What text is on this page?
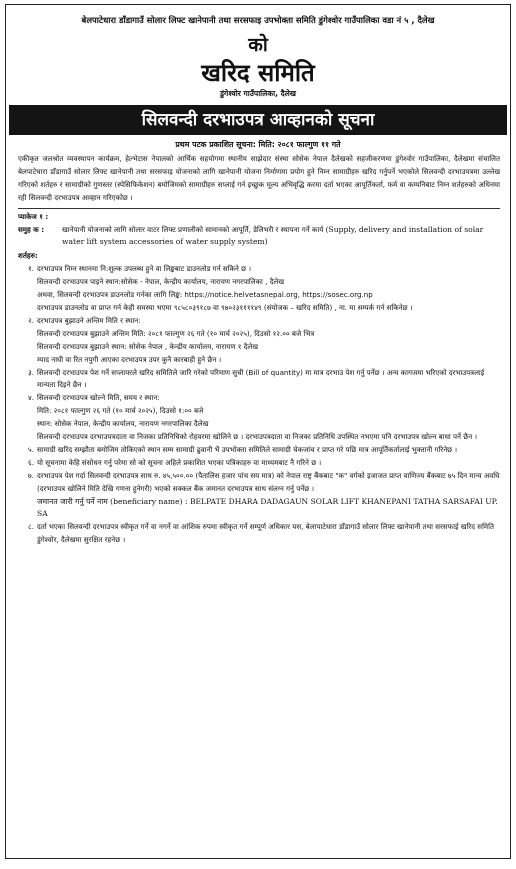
बेलपाटेधारा डाँडागाउँ सोलार लिफ्ट खानेपानी तथा सरसफाइ उपभोक्ता समिति डुंगेश्वोर गाउँपालिका वडा नं ५ , दैलेख
को
खरिद समिति
डुंगेश्वोर गाउँपालिका, दैलेख
सिलवन्दी दरभाउपत्र आव्हानको सूचना
प्रथम पटक प्रकाशित सूचना: मिति: २०८१ फाल्गुण ११ गते
एकीकृत जलश्रोत व्यवस्थापन कार्यक्रम, हेल्भेटास नेपालको आर्थिक सहयोगमा स्थानीय साझेदार संस्था सोसेक नेपाल दैलेखको सहजीकरणमा डुंगेश्वोर गाउँपालिका, दैलेखमा संचालित बेलपाटेधारा डाँडागाउँ सोलार लिफ्ट खानेपानी तथा सरसफाइ योजनाको लागि खानेपानी योजना निर्माणमा प्रयोग हुने निम्न सामाग्रीहरु खरिद गर्नुपर्ने भएकोले सिलवन्दी दरभाउपत्रमा उल्लेख गरिएको शर्तहरु र सामाग्रीको गुणस्तर (स्पेसिफिकेशन) बमोजिमको सामाग्रीहरु सप्लाई गर्न इच्छुक मूल्य अभिवृद्धि करमा दर्ता भएका आपूर्तिकर्ता, फर्म वा कम्पनिबाट निम्न शर्तहरुको अधिनमा रही सिलवन्दी दरभाउपत्र आव्हान गरिएकोछ ।
प्याकेज १ :
समुह क :	खानेपानी योजनाको लागि सोलार वाटर लिफ्ट प्रणालीको सामानको आपूर्ति, डेलिभरी र स्थापना गर्ने कार्य (Supply, delivery and installation of solar water lift system accessories of water supply system)
शर्तहरु:
१. दरभाउपत्र निम्न स्थानमा नि:शुल्क उपलब्ध हुने वा लिङ्कबाट डाउनलोड गर्न सकिने छ ।
सिलवन्दी दरभाउपत्र पाइने स्थान:सोसेक - नेपाल, केन्द्रीय कार्यालय, नारायण नगरपालिका , दैलेख
अथवा, सिलवन्दी दरभाउपत्र डाउनलोड गर्नका लागि लिङ्क: https://notice.helvetasnepal.org, https://sosec.org.np
दरभाउपत्र डाउनलोड वा प्राप्त गर्न केही समस्या भएमा ९८५८०३९१८७ वा ९७०२३११११४९ (संयोजक – खरिद समिति) , ना. मा सम्पर्क गर्न सकिनेछ ।
२. दरभाउपत्र बुझाउने अन्तिम मिति र स्थान:
सिलवन्दी दरभाउपत्र बुझाउने अन्तिम मिति: २०८१ फाल्गुण २६ गते (१० मार्च २०२५), दिउसो १२.०० बजे भित्र
सिलवन्दी दरभाउपत्र बुझाउने स्थान: सोसेक नेपाल , केन्द्रीय कार्यालय, नारायण १ दैलेख
म्याद नाघी वा रित नपुगी आएका दरभाउपत्र उपर कुनै कारबाही हुने छैन ।
३. सिलवन्दी दरभाउपत्र पेश गर्ने सप्लायरले खरिद समितिले जारि गरेको परिमाण सुची (Bill of quantity) मा मात्र दरभाउ पेश गर्नु पर्नेछ । अन्य कागजमा भरिएको दरभाउपत्रलाई मान्यता दिइने छैन ।
४. सिलवन्दी दरभाउपत्र खोल्ने मिति, समय र स्थान:
मिति: २०८१ फाल्गुण २६ गते (१० मार्च २०२५), दिउसो १:०० बजे
स्थान: सोसेक नेपाल, केन्द्रीय कार्यालय, नारायण नगरपालिका दैलेख
सिलवन्दी दरभाउपत्र दरभाउपत्रदाता वा निजका प्रतिनिधिको रोहवरमा खोलिने छ । दरभाउपत्रदाता वा निजका प्रतिनिधि उपस्थित नभएमा पनि दरभाउपत्र खोल्न बाधा पर्ने छैन ।
५. सामाग्री खरिद सम्झौता बमोजिम तोकिएको स्थान सम्म सामाग्री ढुवानी भै उपभोक्ता समितिले सामाग्री चेकजांच र प्राप्त गरे पछि मात्र आपूर्तिकर्तालाई भुक्तानी गरिनेछ ।
६. यो सूचनामा केहि संसोधन गर्नु परेमा सो को सूचना अहिले प्रकाशित भएका पत्रिकाहरु वा माध्यमबाट नै गरिने छ ।
७. दरभाउपत्र पेश गर्दा सिलवन्दी दरभाउपत्र साथ रु. ४५,५००.०० (पैतालिस हजार पांच सय मात्र) को नेपाल राष्ट्र बैंकबाट "क" वर्गको इजाजत प्राप्त वाणिज्य बैंकबाट ७५ दिन मान्य अवधि (दरभाउपत्र खोलिने मिति देखि गणना हुनेगरी) भएको सक्कल बैंक जमानत दरभाउपत्र साथ संलग्न गर्नु पर्नेछ ।
जमानत जारी गर्नु पर्ने नाम (beneficiary name) : BELPATE DHARA DADAGAUN SOLAR LIFT KHANEPANI TATHA SARSAFAI UP. SA
८. दर्ता भएका सिलवन्दी दरभाउपत्र स्वीकृत गर्ने वा नगर्ने वा आंशिक रुपमा स्वीकृत गर्ने सम्पूर्ण अधिकार यस, बेलापाटेधारा डाँडागाउँ सोलार लिफ्ट खानेपानी तथा सरसफाई खरिद समिति डुंगेश्वोर, दैलेखमा सुरक्षित रहनेछ ।
